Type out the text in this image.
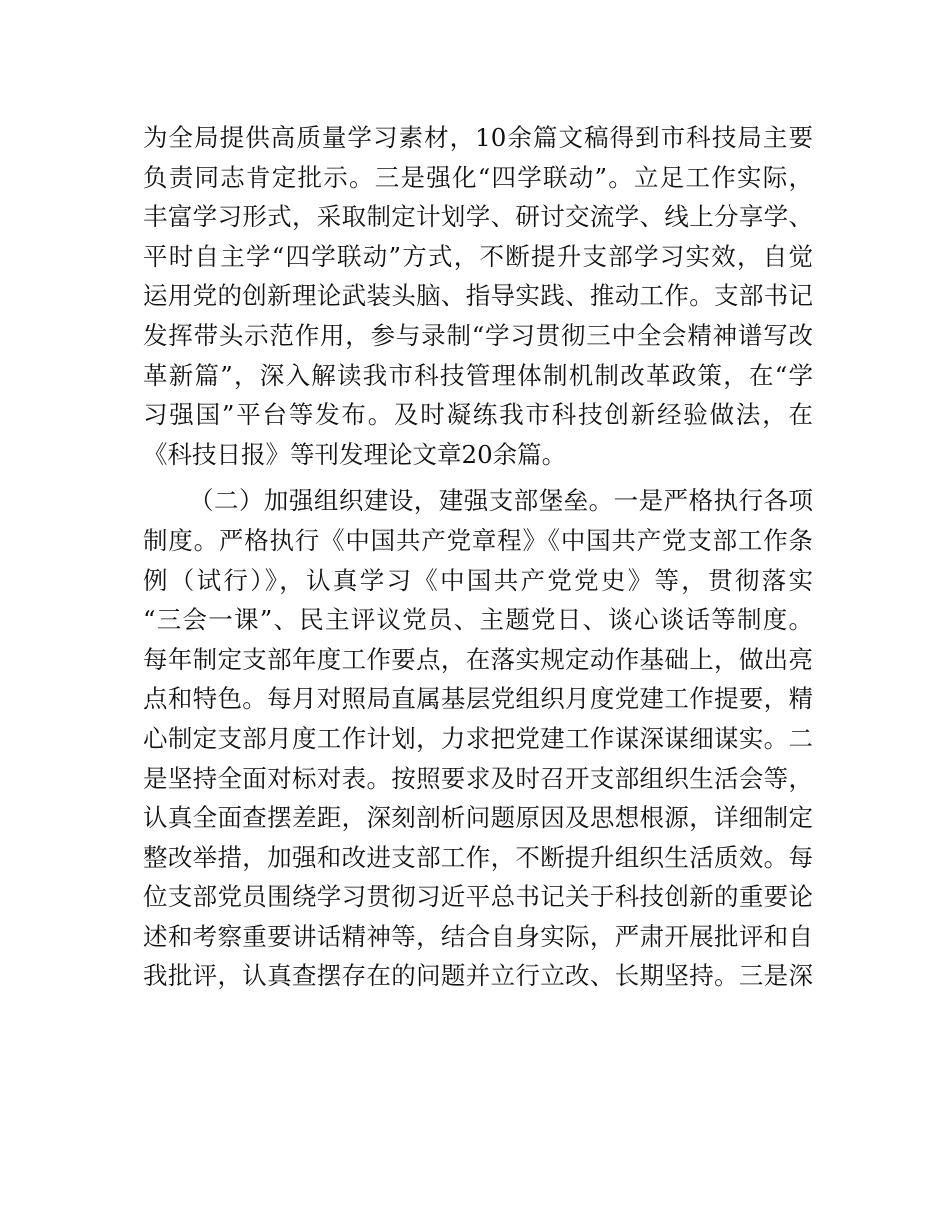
为全局提供高质量学习素材，10余篇文稿得到市科技局主要
负责同志肯定批示。三是强化“四学联动”。立足工作实际，
丰富学习形式，采取制定计划学、研讨交流学、线上分享学、
平时自主学“四学联动”方式，不断提升支部学习实效，自觉
运用党的创新理论武装头脑、指导实践、推动工作。支部书记
发挥带头示范作用，参与录制“学习贯彻三中全会精神谱写改
革新篇”，深入解读我市科技管理体制机制改革政策，在“学
习强国”平台等发布。及时凝练我市科技创新经验做法，在
《科技日报》等刊发理论文章20余篇。
（二）加强组织建设，建强支部堡垒。一是严格执行各项
制度。严格执行《中国共产党章程》《中国共产党支部工作条
例（试行）》，认真学习《中国共产党党史》等，贯彻落实
“三会一课”、民主评议党员、主题党日、谈心谈话等制度。
每年制定支部年度工作要点，在落实规定动作基础上，做出亮
点和特色。每月对照局直属基层党组织月度党建工作提要，精
心制定支部月度工作计划，力求把党建工作谋深谋细谋实。二
是坚持全面对标对表。按照要求及时召开支部组织生活会等，
认真全面查摆差距，深刻剖析问题原因及思想根源，详细制定
整改举措，加强和改进支部工作，不断提升组织生活质效。每
位支部党员围绕学习贯彻习近平总书记关于科技创新的重要论
述和考察重要讲话精神等，结合自身实际，严肃开展批评和自
我批评，认真查摆存在的问题并立行立改、长期坚持。三是深
